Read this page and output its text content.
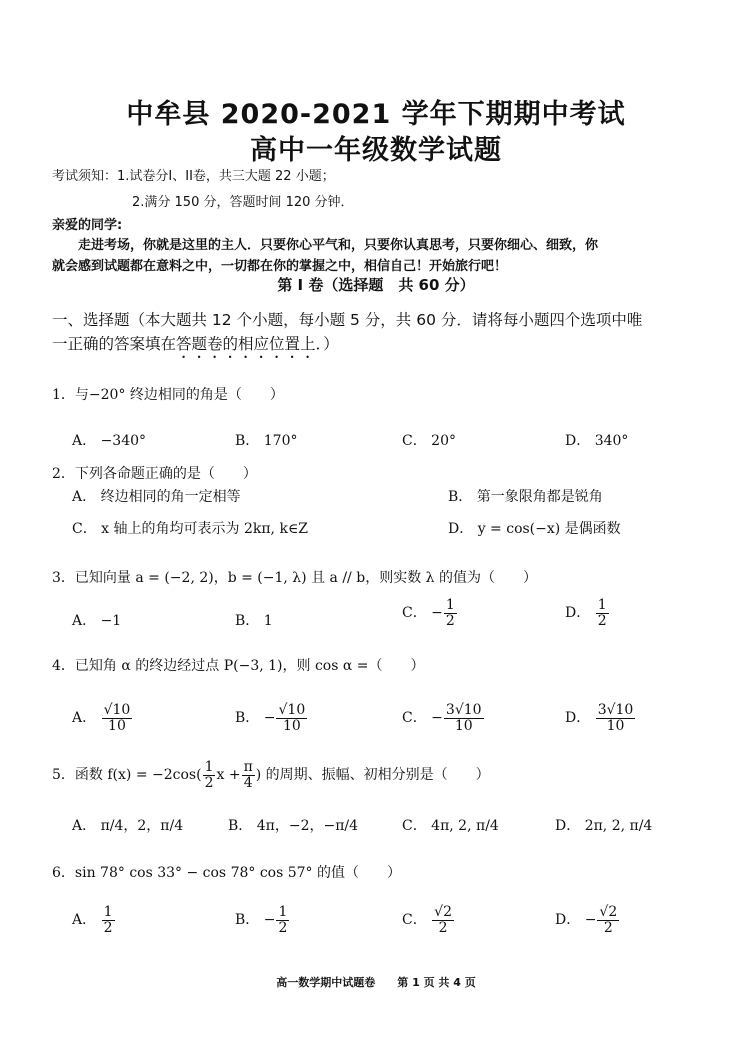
中牟县 2020-2021 学年下期期中考试
高中一年级数学试题
考试须知：1.试卷分I、II卷，共三大题 22 小题；
2.满分 150 分，答题时间 120 分钟．
亲爱的同学:
走进考场，你就是这里的主人．只要你心平气和，只要你认真思考，只要你细心、细致，你
就会感到试题都在意料之中，一切都在你的掌握之中，相信自己！开始旅行吧！
第 I 卷（选择题　共 60 分）
一、选择题（本大题共 12 个小题，每小题 5 分，共 60 分．请将每小题四个选项中唯
一正确的答案填在答题卷的相应位置上．）
1．与−20° 终边相同的角是（　　）
A． −340°	B． 170°	C． 20°	D． 340°
2．下列各命题正确的是（　　）
A． 终边相同的角一定相等	B． 第一象限角都是锐角
C． x 轴上的角均可表示为 2kπ, k∈Z	D． y = cos(−x) 是偶函数
3．已知向量 a = (−2, 2)，b = (−1, λ) 且 a // b，则实数 λ 的值为（　　）
A． −1	B． 1	C． − $\frac{1}{2}$	D． $\frac{1}{2}$
4．已知角 α 的终边经过点 P(−3, 1)，则 cos α =（　　）
A． $\frac{√10}{10}$	B． − $\frac{√10}{10}$	C． − $\frac{3√10}{10}$	D． $\frac{3√10}{10}$
5．函数 $f(x) = -2\cos( \frac{1}{2}$ $x + \frac{\pi}{4}$ ) 的周期、振幅、初相分别是（　　）
A． π/4，2，π/4	B． 4π，−2，−π/4	C． 4π, 2, π/4	D． 2π, 2, π/4
6．sin 78° cos 33° − cos 78° cos 57° 的值（　　）
A． $\frac{1}{2}$	B． − $\frac{1}{2}$	C． $\frac{√2}{2}$	D． − $\frac{√2}{2}$
高一数学期中试题卷　　第 1 页 共 4 页
